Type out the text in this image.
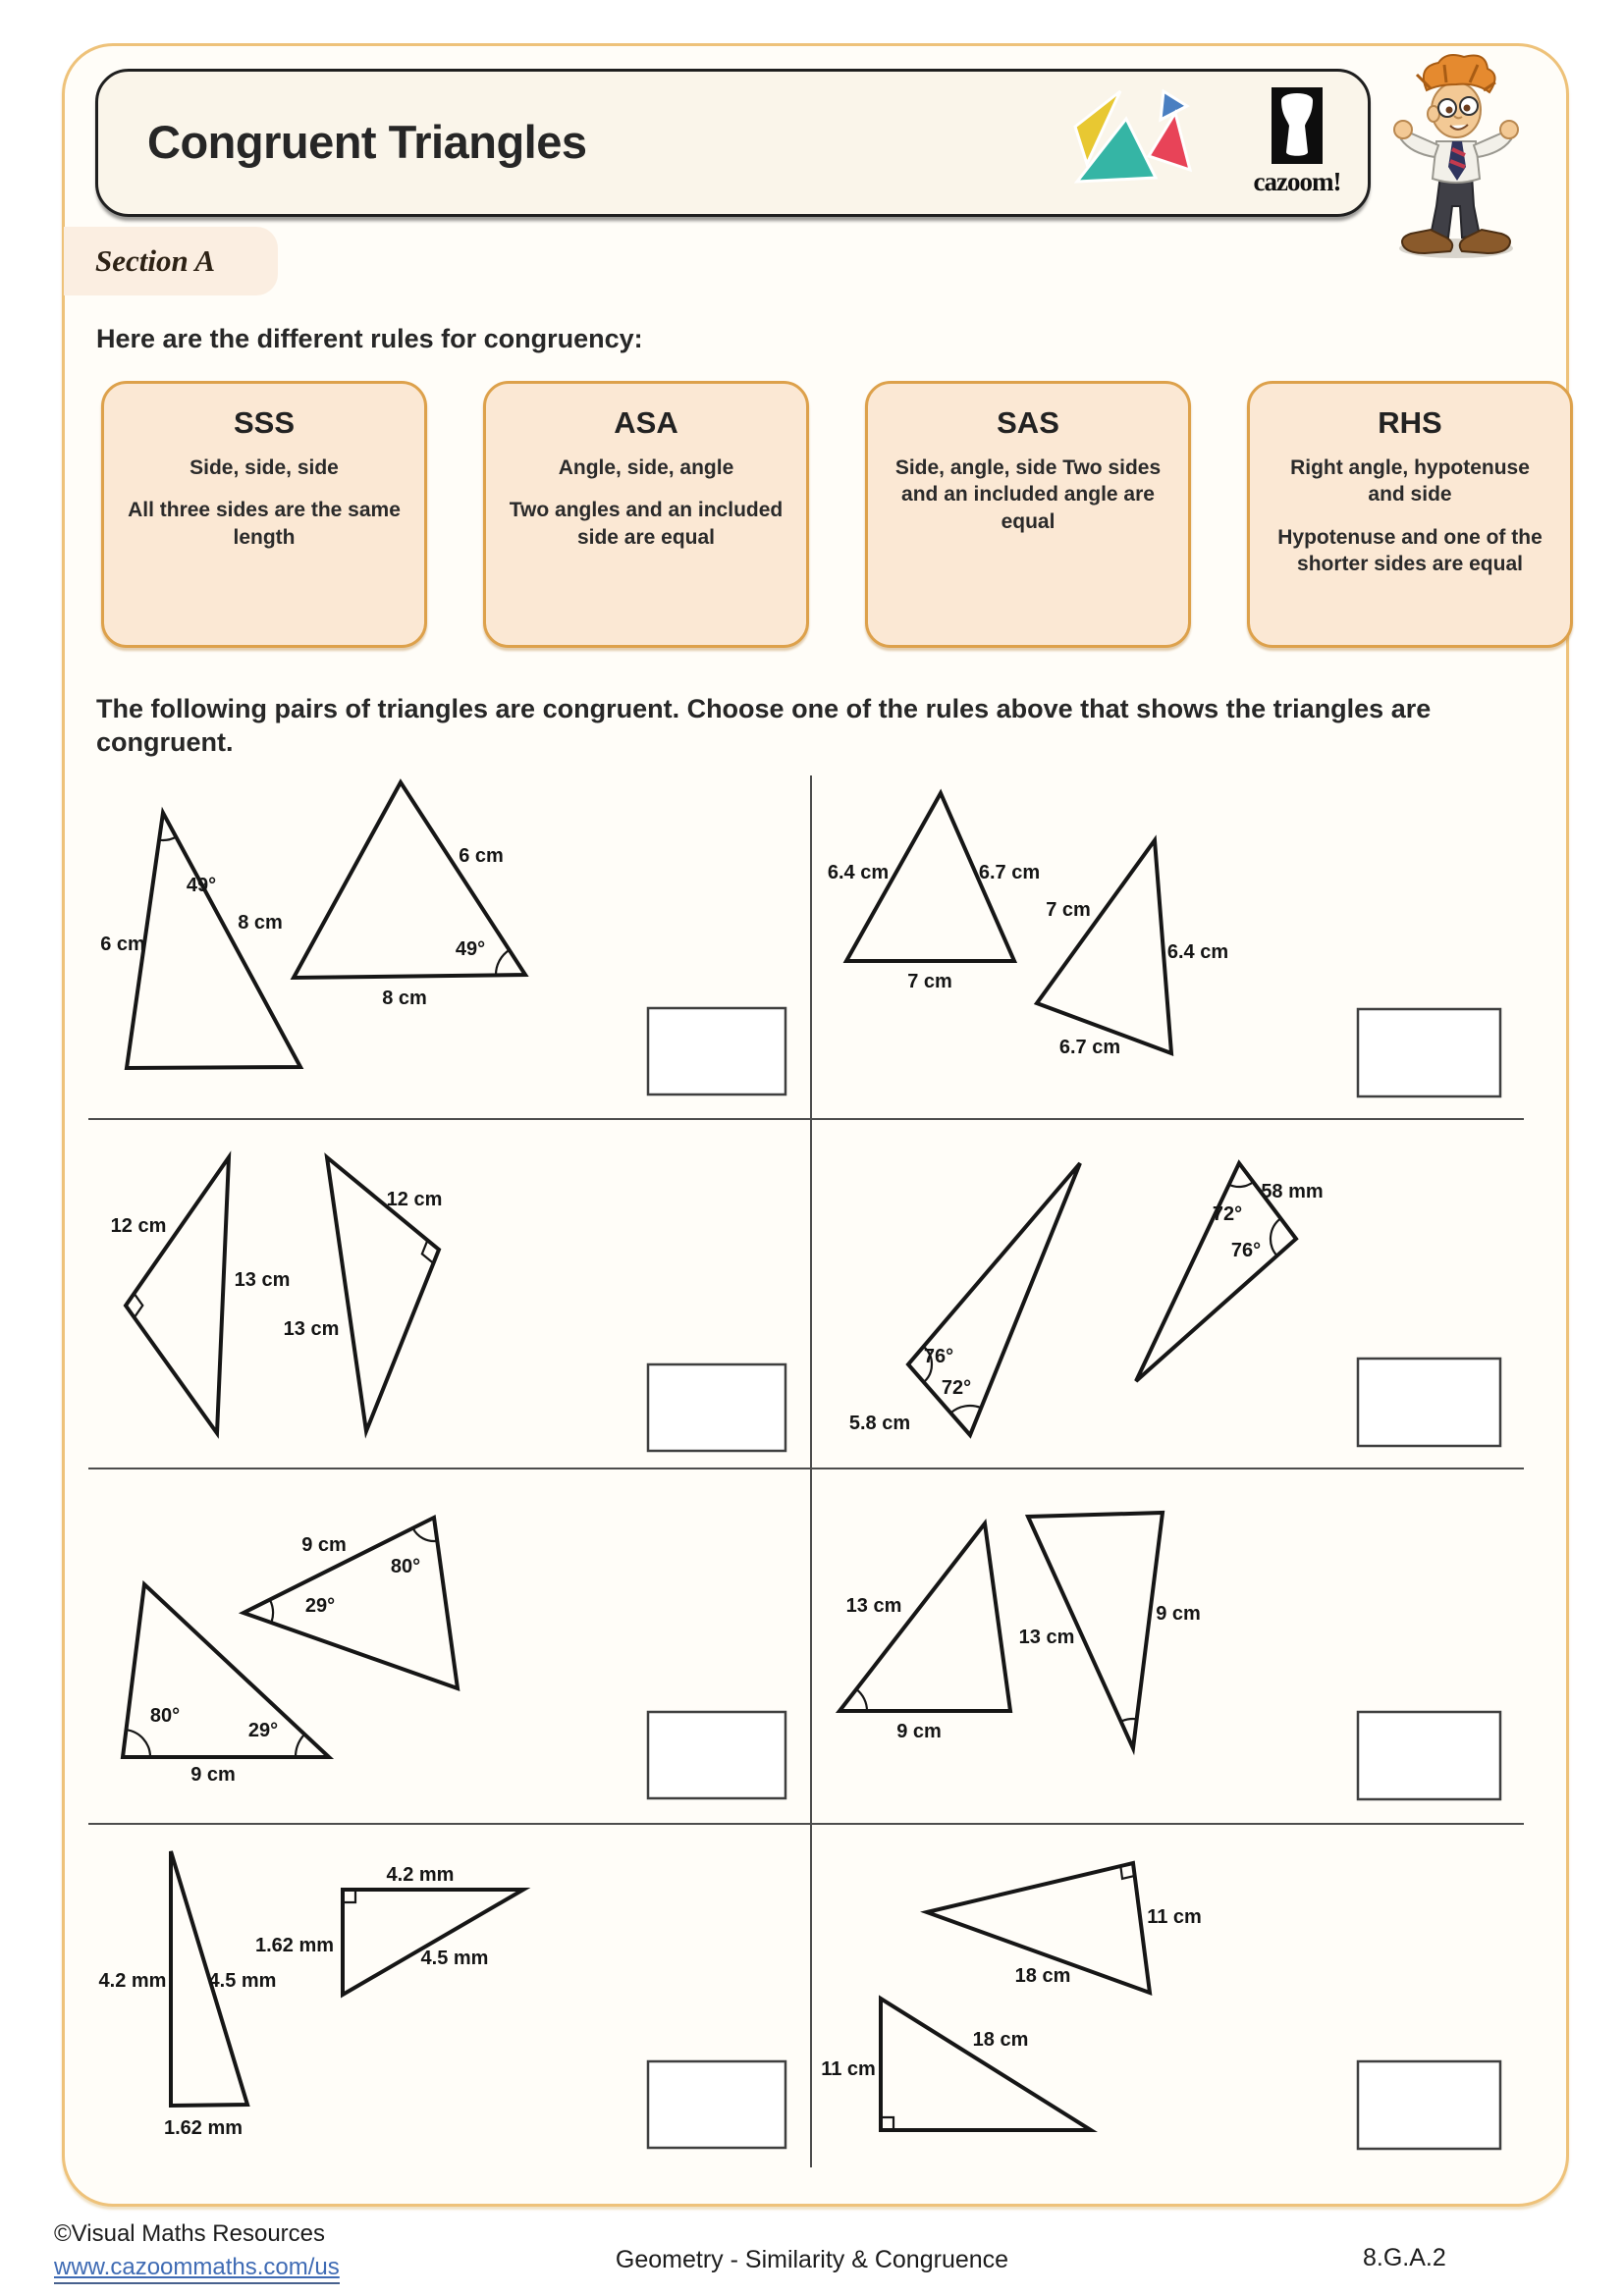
Congruent Triangles
cazoom!
Section A
Here are the different rules for congruency:
SSS

Side, side, side

All three sides are the same length

ASA

Angle, side, angle

Two angles and an included side are equal

SAS

Side, angle, side Two sides and an included angle are equal

RHS

Right angle, hypotenuse and side

Hypotenuse and one of the shorter sides are equal

The following pairs of triangles are congruent. Choose one of the rules above that shows the triangles are congruent.
49°
6 cm
8 cm
6 cm
49°
8 cm
6.4 cm	6.7 cm
7 cm
7 cm
6.4 cm
6.7 cm
12 cm
13 cm
12 cm
13 cm
76°
72°
5.8 cm
72°
76°
58 mm
9 cm
80°
29°
80°
29°
9 cm
13 cm
9 cm
13 cm
9 cm
4.2 mm 4.5 mm
1.62 mm
4.2 mm
1.62 mm
4.5 mm
11 cm
18 cm
11 cm
18 cm
©Visual Maths Resources
www.cazoommaths.com/us	Geometry - Similarity & Congruence	8.G.A.2
